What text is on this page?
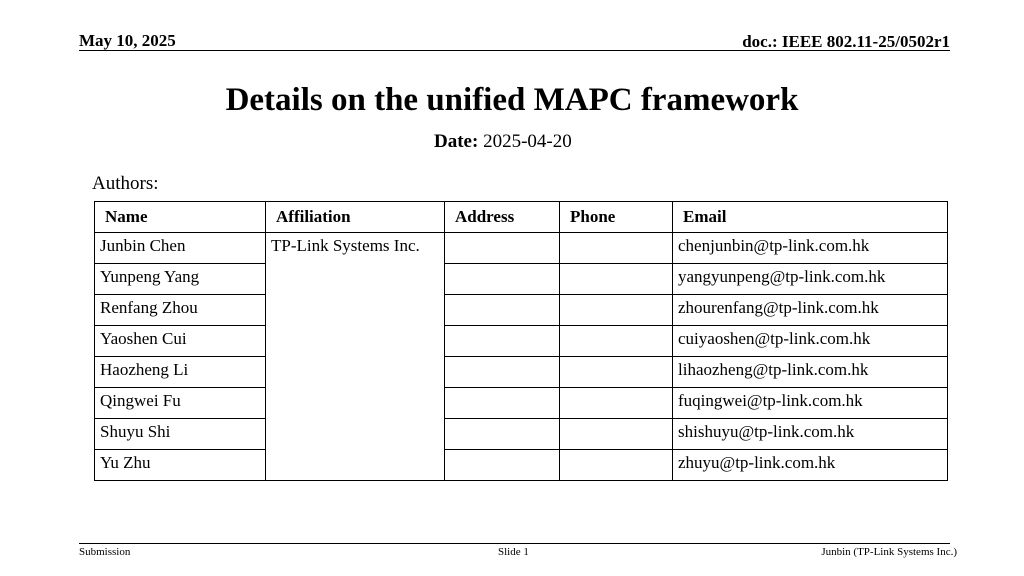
May 10, 2025	doc.: IEEE 802.11-25/0502r1
Details on the unified MAPC framework
Date: 2025-04-20
Authors:
Name	Affiliation	Address	Phone	Email
Junbin Chen	TP-Link Systems Inc.			chenjunbin@tp-link.com.hk
Yunpeng Yang				yangyunpeng@tp-link.com.hk
Renfang Zhou				zhourenfang@tp-link.com.hk
Yaoshen Cui				cuiyaoshen@tp-link.com.hk
Haozheng Li				lihaozheng@tp-link.com.hk
Qingwei Fu				fuqingwei@tp-link.com.hk
Shuyu Shi				shishuyu@tp-link.com.hk
Yu Zhu				zhuyu@tp-link.com.hk
Submission	Slide 1	Junbin (TP-Link Systems Inc.)
